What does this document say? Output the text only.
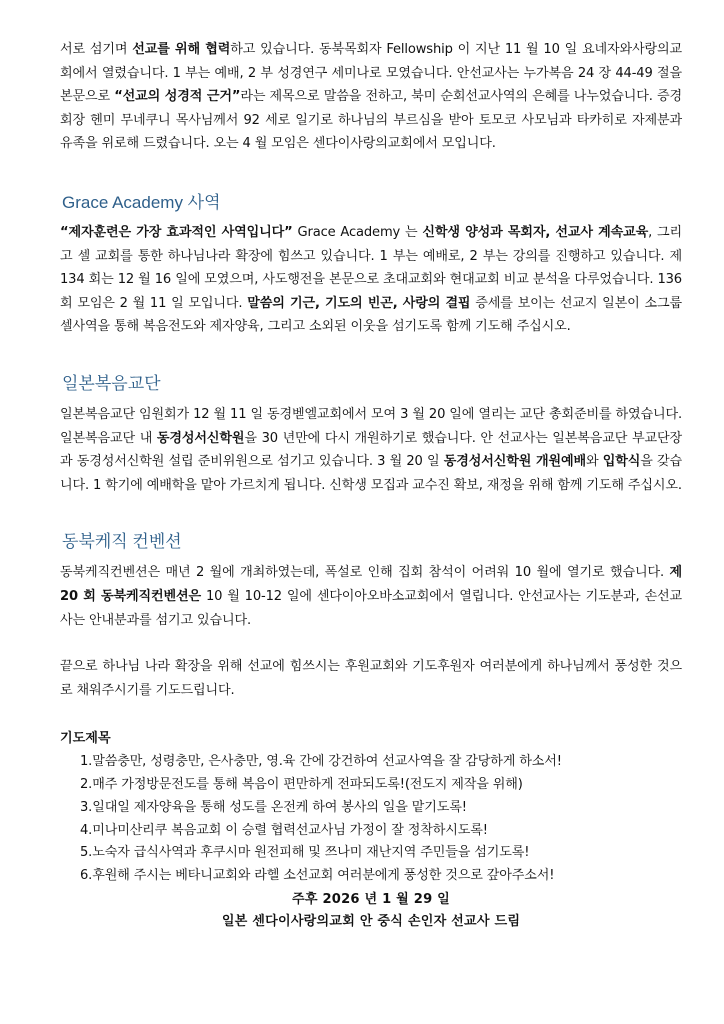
서로 섬기며 선교를 위해 협력하고 있습니다. 동북목회자 Fellowship 이 지난 11 월 10 일 요네자와사랑의교회에서 열렸습니다. 1 부는 예배, 2 부 성경연구 세미나로 모였습니다. 안선교사는 누가복음 24 장 44-49 절을 본문으로 “선교의 성경적 근거”라는 제목으로 말씀을 전하고, 북미 순회선교사역의 은혜를 나누었습니다. 증경회장 헨미 무네쿠니 목사님께서 92 세로 일기로 하나님의 부르심을 받아 토모코 사모님과 타카히로 자제분과 유족을 위로해 드렸습니다. 오는 4 월 모임은 센다이사랑의교회에서 모입니다.

Grace Academy 사역

“제자훈련은 가장 효과적인 사역입니다” Grace Academy 는 신학생 양성과 목회자, 선교사 계속교육, 그리고 셀 교회를 통한 하나님나라 확장에 힘쓰고 있습니다. 1 부는 예배로, 2 부는 강의를 진행하고 있습니다. 제 134 회는 12 월 16 일에 모였으며, 사도행전을 본문으로 초대교회와 현대교회 비교 분석을 다루었습니다. 136 회 모임은 2 월 11 일 모입니다. 말씀의 기근, 기도의 빈곤, 사랑의 결핍 증세를 보이는 선교지 일본이 소그룹 셀사역을 통해 복음전도와 제자양육, 그리고 소외된 이웃을 섬기도록 함께 기도해 주십시오.

일본복음교단

일본복음교단 임원회가 12 월 11 일 동경벧엘교회에서 모여 3 월 20 일에 열리는 교단 총회준비를 하였습니다. 일본복음교단 내 동경성서신학원을 30 년만에 다시 개원하기로 했습니다. 안 선교사는 일본복음교단 부교단장과 동경성서신학원 설립 준비위원으로 섬기고 있습니다. 3 월 20 일 동경성서신학원 개원예배와 입학식을 갖습니다. 1 학기에 예배학을 맡아 가르치게 됩니다. 신학생 모집과 교수진 확보, 재정을 위해 함께 기도해 주십시오.

동북케직 컨벤션

동북케직컨벤션은 매년 2 월에 개최하였는데, 폭설로 인해 집회 참석이 어려워 10 월에 열기로 했습니다. 제 20 회 동북케직컨벤션은 10 월 10-12 일에 센다이아오바소교회에서 열립니다. 안선교사는 기도분과, 손선교사는 안내분과를 섬기고 있습니다.

끝으로 하나님 나라 확장을 위해 선교에 힘쓰시는 후원교회와 기도후원자 여러분에게 하나님께서 풍성한 것으로 채워주시기를 기도드립니다.

기도제목
1.말씀충만, 성령충만, 은사충만, 영.육 간에 강건하여 선교사역을 잘 감당하게 하소서!
2.매주 가정방문전도를 통해 복음이 편만하게 전파되도록!(전도지 제작을 위해)
3.일대일 제자양육을 통해 성도를 온전케 하여 봉사의 일을 맡기도록!
4.미나미산리쿠 복음교회 이 승렬 협력선교사님 가정이 잘 정착하시도록!
5.노숙자 급식사역과 후쿠시마 원전피해 및 쯔나미 재난지역 주민들을 섬기도록!
6.후원해 주시는 베타니교회와 라헬 소선교회 여러분에게 풍성한 것으로 갚아주소서!
주후 2026 년 1 월 29 일
일본 센다이사랑의교회 안 중식 손인자 선교사 드림
